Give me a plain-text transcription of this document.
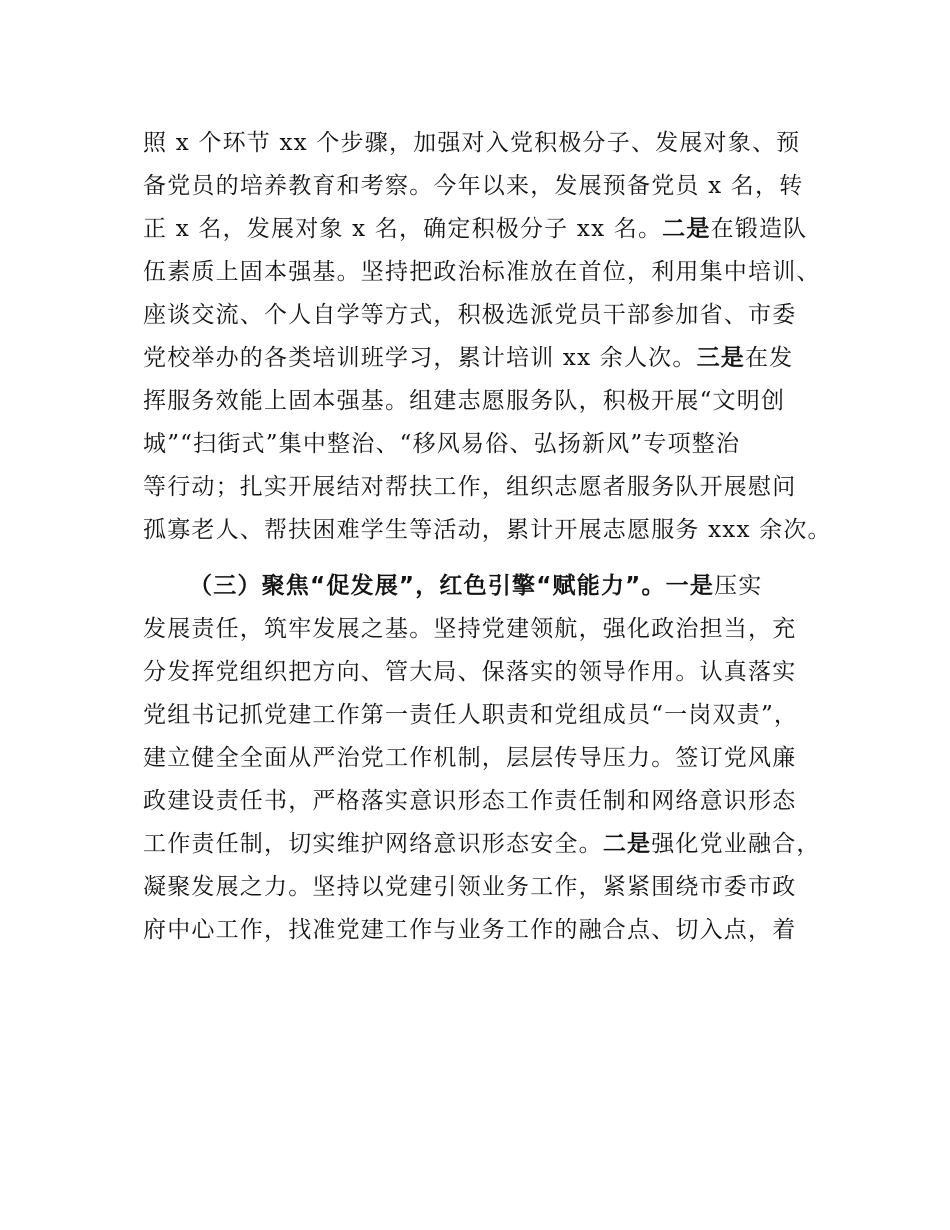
照 x 个环节 xx 个步骤，加强对入党积极分子、发展对象、预
备党员的培养教育和考察。今年以来，发展预备党员 x 名，转
正 x 名，发展对象 x 名，确定积极分子 xx 名。二是在锻造队
伍素质上固本强基。坚持把政治标准放在首位，利用集中培训、
座谈交流、个人自学等方式，积极选派党员干部参加省、市委
党校举办的各类培训班学习，累计培训 xx 余人次。三是在发
挥服务效能上固本强基。组建志愿服务队，积极开展“文明创
城”“扫街式”集中整治、“移风易俗、弘扬新风”专项整治
等行动；扎实开展结对帮扶工作，组织志愿者服务队开展慰问
孤寡老人、帮扶困难学生等活动，累计开展志愿服务 xxx 余次。
（三）聚焦“促发展”，红色引擎“赋能力”。一是压实
发展责任，筑牢发展之基。坚持党建领航，强化政治担当，充
分发挥党组织把方向、管大局、保落实的领导作用。认真落实
党组书记抓党建工作第一责任人职责和党组成员“一岗双责”，
建立健全全面从严治党工作机制，层层传导压力。签订党风廉
政建设责任书，严格落实意识形态工作责任制和网络意识形态
工作责任制，切实维护网络意识形态安全。二是强化党业融合，
凝聚发展之力。坚持以党建引领业务工作，紧紧围绕市委市政
府中心工作，找准党建工作与业务工作的融合点、切入点，着
